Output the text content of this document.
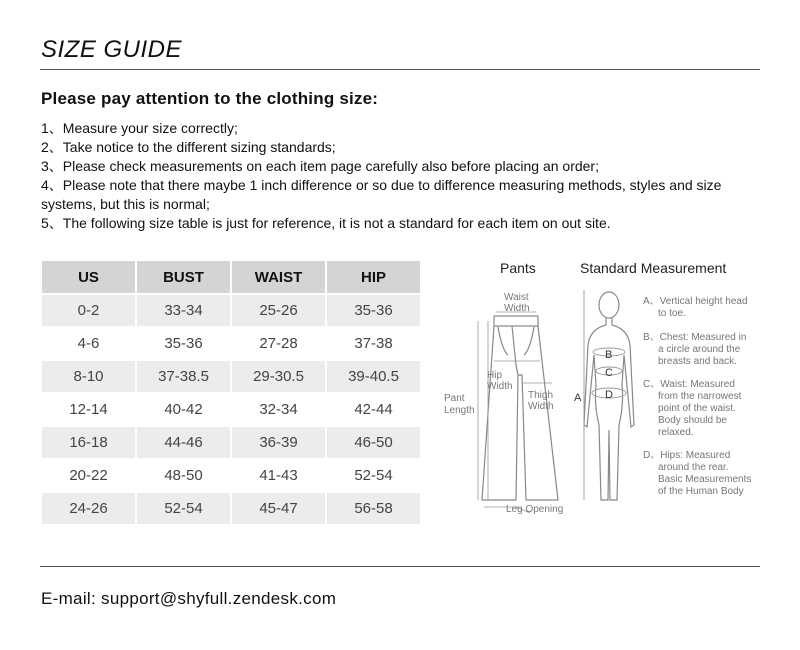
SIZE GUIDE
Please pay attention to the clothing size:
1、Measure your size correctly;
2、Take notice to the different sizing standards;
3、Please check measurements on each item page carefully also before placing an order;
4、Please note that there maybe 1 inch difference or so due to difference measuring methods, styles and size systems, but this is normal;
5、The following size table is just for reference, it is not a standard for each item on out site.
US	BUST	WAIST	HIP
0-2	33-34	25-26	35-36
4-6	35-36	27-28	37-38
8-10	37-38.5	29-30.5	39-40.5
12-14	40-42	32-34	42-44
16-18	44-46	36-39	46-50
20-22	48-50	41-43	52-54
24-26	52-54	45-47	56-58
Pants	Standard Measurement
Waist
Width
Hip
Width
Thigh
Width
Pant
Length
Leg Opening
B
C
D
A
A、Vertical height head
to toe.
B、Chest: Measured in
a circle around the
breasts and back.
C、Waist: Measured
from the narrowest
point of the waist.
Body should be
relaxed.
D、Hips: Measured
around the rear.
Basic Measurements
of the Human Body
E-mail: support@shyfull.zendesk.com
